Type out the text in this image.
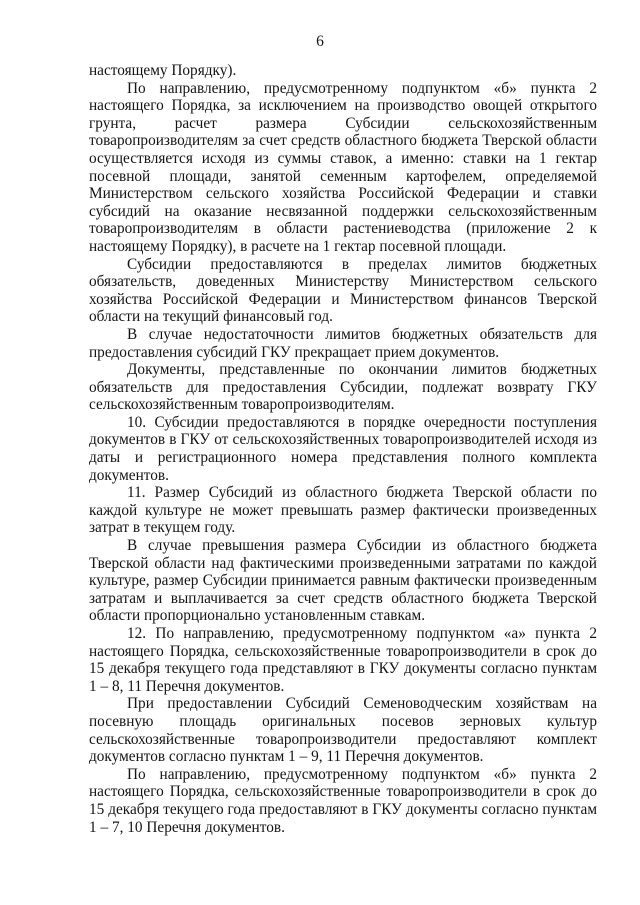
6

настоящему Порядку).

По направлению, предусмотренному подпунктом «б» пункта 2 настоящего Порядка, за исключением на производство овощей открытого грунта, расчет размера Субсидии сельскохозяйственным товаропроизводителям за счет средств областного бюджета Тверской области осуществляется исходя из суммы ставок, а именно: ставки на 1 гектар посевной площади, занятой семенным картофелем, определяемой Министерством сельского хозяйства Российской Федерации и ставки субсидий на оказание несвязанной поддержки сельскохозяйственным товаропроизводителям в области растениеводства (приложение 2 к настоящему Порядку), в расчете на 1 гектар посевной площади.

Субсидии предоставляются в пределах лимитов бюджетных обязательств, доведенных Министерству Министерством сельского хозяйства Российской Федерации и Министерством финансов Тверской области на текущий финансовый год.

В случае недостаточности лимитов бюджетных обязательств для предоставления субсидий ГКУ прекращает прием документов.

Документы, представленные по окончании лимитов бюджетных обязательств для предоставления Субсидии, подлежат возврату ГКУ сельскохозяйственным товаропроизводителям.

10. Субсидии предоставляются в порядке очередности поступления документов в ГКУ от сельскохозяйственных товаропроизводителей исходя из даты и регистрационного номера представления полного комплекта документов.

11. Размер Субсидий из областного бюджета Тверской области по каждой культуре не может превышать размер фактически произведенных затрат в текущем году.

В случае превышения размера Субсидии из областного бюджета Тверской области над фактическими произведенными затратами по каждой культуре, размер Субсидии принимается равным фактически произведенным затратам и выплачивается за счет средств областного бюджета Тверской области пропорционально установленным ставкам.

12. По направлению, предусмотренному подпунктом «а» пункта 2 настоящего Порядка, сельскохозяйственные товаропроизводители в срок до 15 декабря текущего года представляют в ГКУ документы согласно пунктам 1 – 8, 11 Перечня документов.

При предоставлении Субсидий Семеноводческим хозяйствам на посевную площадь оригинальных посевов зерновых культур сельскохозяйственные товаропроизводители предоставляют комплект документов согласно пунктам 1 – 9, 11 Перечня документов.

По направлению, предусмотренному подпунктом «б» пункта 2 настоящего Порядка, сельскохозяйственные товаропроизводители в срок до 15 декабря текущего года предоставляют в ГКУ документы согласно пунктам 1 – 7, 10 Перечня документов.
